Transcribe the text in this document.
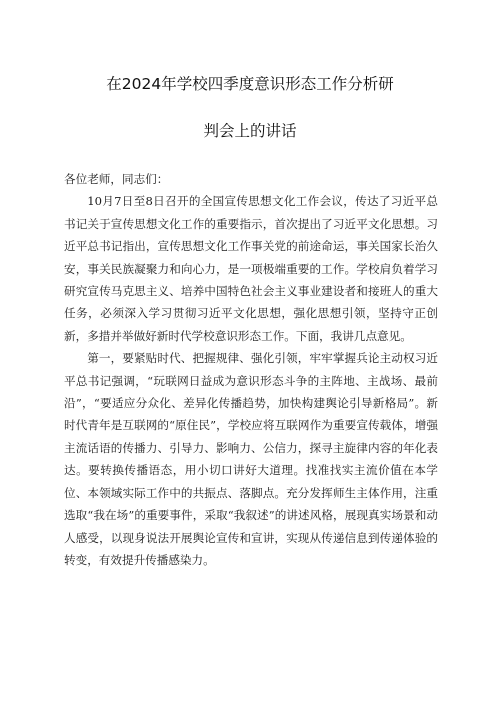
在2024年学校四季度意识形态工作分析研
判会上的讲话

各位老师，同志们：

10月7日至8日召开的全国宣传思想文化工作会议，传达了习近平总书记关于宣传思想文化工作的重要指示，首次提出了习近平文化思想。习近平总书记指出，宣传思想文化工作事关党的前途命运，事关国家长治久安，事关民族凝聚力和向心力，是一项极端重要的工作。学校肩负着学习研究宣传马克思主义、培养中国特色社会主义事业建设者和接班人的重大任务，必须深入学习贯彻习近平文化思想，强化思想引领，坚持守正创新，多措并举做好新时代学校意识形态工作。下面，我讲几点意见。

第一，要紧贴时代、把握规律、强化引领，牢牢掌握兵论主动权习近平总书记强调，“玩联网日益成为意识形态斗争的主阵地、主战场、最前沿”，“要适应分众化、差异化传播趋势，加快构建舆论引导新格局”。新时代青年是互联网的“原住民”，学校应将互联网作为重要宣传载体，增强主流话语的传播力、引导力、影响力、公信力，探寻主旋律内容的年化表达。要转换传播语态，用小切口讲好大道理。找准找实主流价值在本学位、本领域实际工作中的共振点、落脚点。充分发挥师生主体作用，注重选取“我在场”的重要事件，采取“我叙述”的讲述风格，展现真实场景和动人感受，以现身说法开展舆论宣传和宣讲，实现从传递信息到传递体验的转变，有效提升传播感染力。
